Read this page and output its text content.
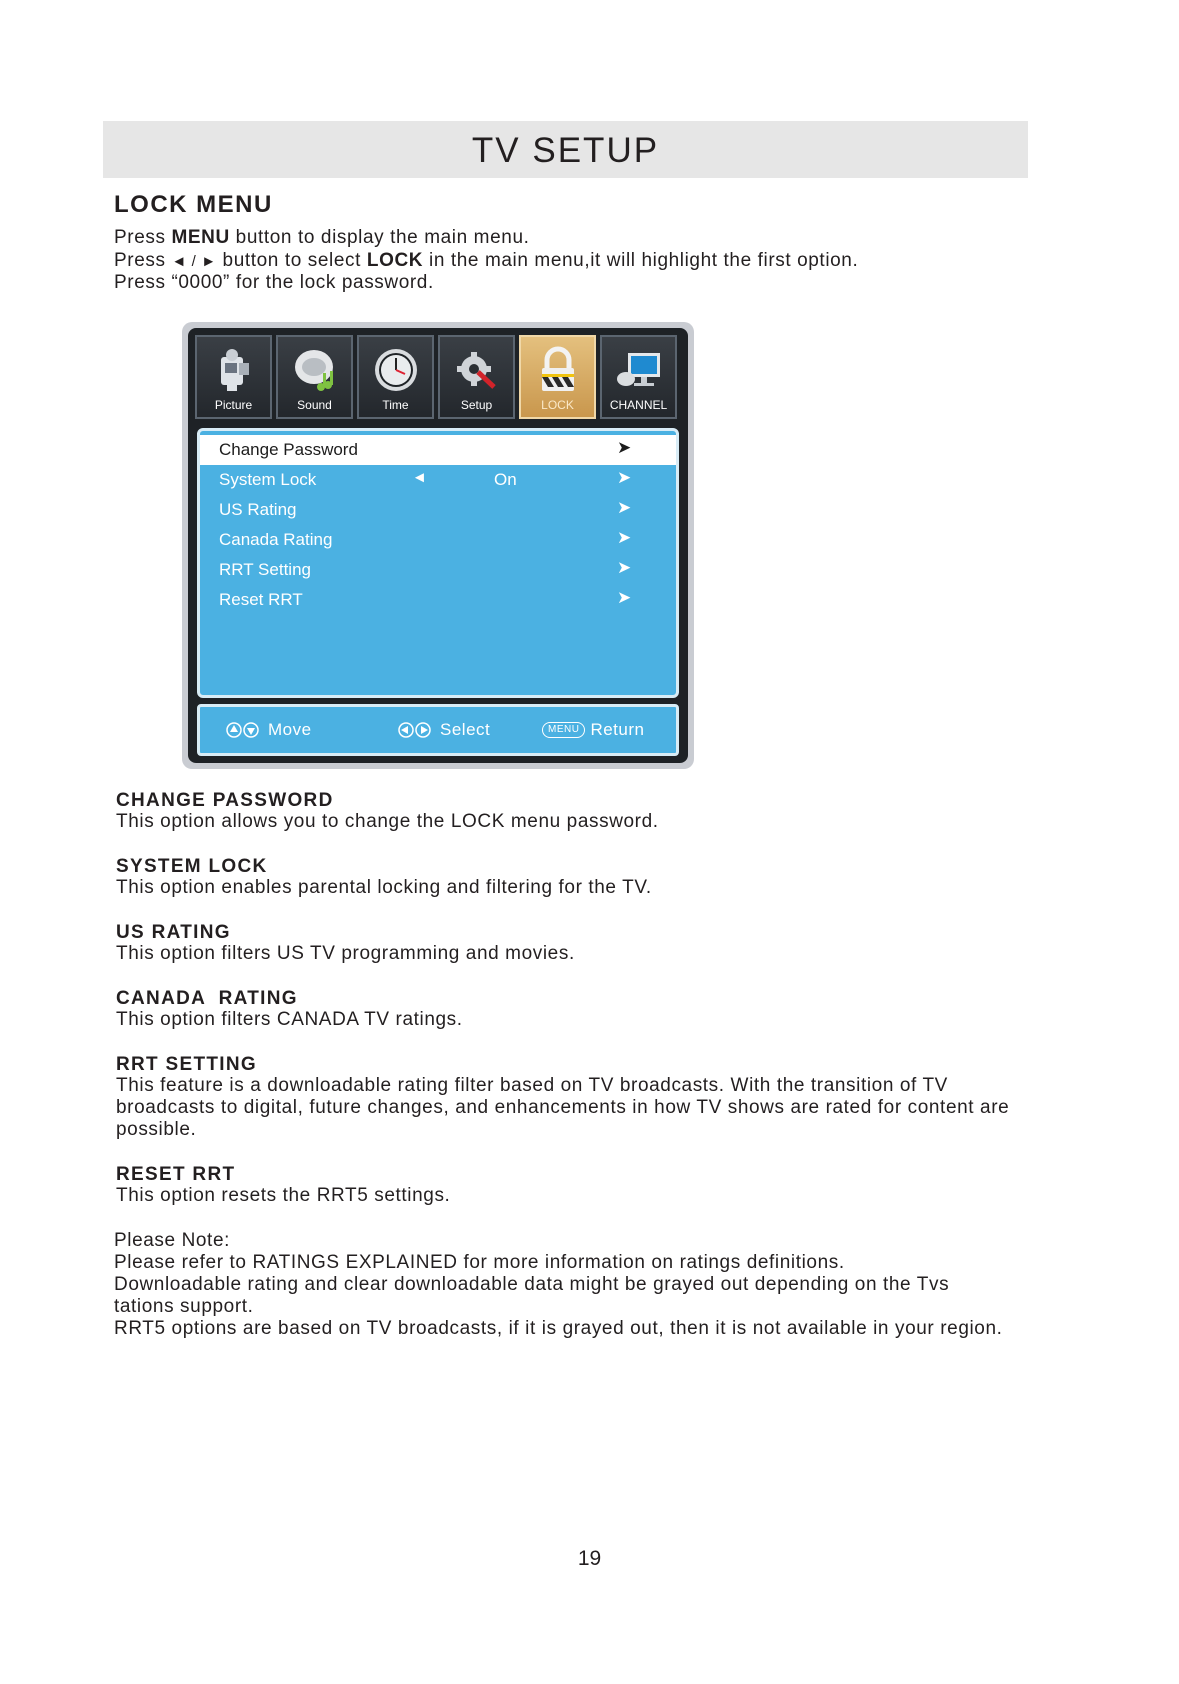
TV SETUP
LOCK MENU
Press MENU button to display the main menu.
Press ◄ / ► button to select LOCK in the main menu,it will highlight the first option.
Press “0000” for the lock password.
Picture	Sound	Time	Setup	LOCK	CHANNEL
Change Password	➤
System Lock	◄	On	➤
US Rating	➤
Canada Rating	➤
RRT Setting	➤
Reset RRT	➤
Move	Select	MENU Return
CHANGE PASSWORD
This option allows you to change the LOCK menu password.
SYSTEM LOCK
This option enables parental locking and filtering for the TV.
US RATING
This option filters US TV programming and movies.
CANADA  RATING
This option filters CANADA TV ratings.
RRT SETTING
This feature is a downloadable rating filter based on TV broadcasts. With the transition of TV broadcasts to digital, future changes, and enhancements in how TV shows are rated for content are possible.
RESET RRT
This option resets the RRT5 settings.
Please Note:
Please refer to RATINGS EXPLAINED for more information on ratings definitions.
Downloadable rating and clear downloadable data might be grayed out depending on the Tvs tations support.
RRT5 options are based on TV broadcasts, if it is grayed out, then it is not available in your region.
19
